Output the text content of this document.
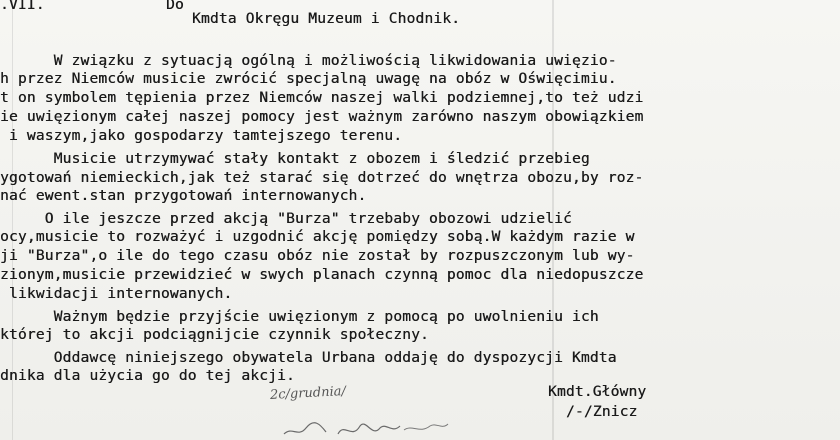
.VII.	Do
Kmdta Okręgu Muzeum i Chodnik.
W związku z sytuacją ogólną i możliwością likwidowania uwięzio-
h przez Niemców musicie zwrócić specjalną uwagę na obóz w Oświęcimiu.
t on symbolem tępienia przez Niemców naszej walki podziemnej,to też udzi
ie uwięzionym całej naszej pomocy jest ważnym zarówno naszym obowiązkiem
i waszym,jako gospodarzy tamtejszego terenu.
Musicie utrzymywać stały kontakt z obozem i śledzić przebieg
ygotowań niemieckich,jak też starać się dotrzeć do wnętrza obozu,by roz-
nać ewent.stan przygotowań internowanych.
O ile jeszcze przed akcją "Burza" trzebaby obozowi udzielić
ocy,musicie to rozważyć i uzgodnić akcję pomiędzy sobą.W każdym razie w
ji "Burza",o ile do tego czasu obóz nie został by rozpuszczonym lub wy-
zionym,musicie przewidzieć w swych planach czynną pomoc dla niedopuszcze
likwidacji internowanych.
Ważnym będzie przyjście uwięzionym z pomocą po uwolnieniu ich
której to akcji podciągnijcie czynnik społeczny.
Oddawcę niniejszego obywatela Urbana oddaję do dyspozycji Kmdta
dnika dla użycia go do tej akcji.
Kmdt.Główny
/-/Znicz
2c/grudnia/
